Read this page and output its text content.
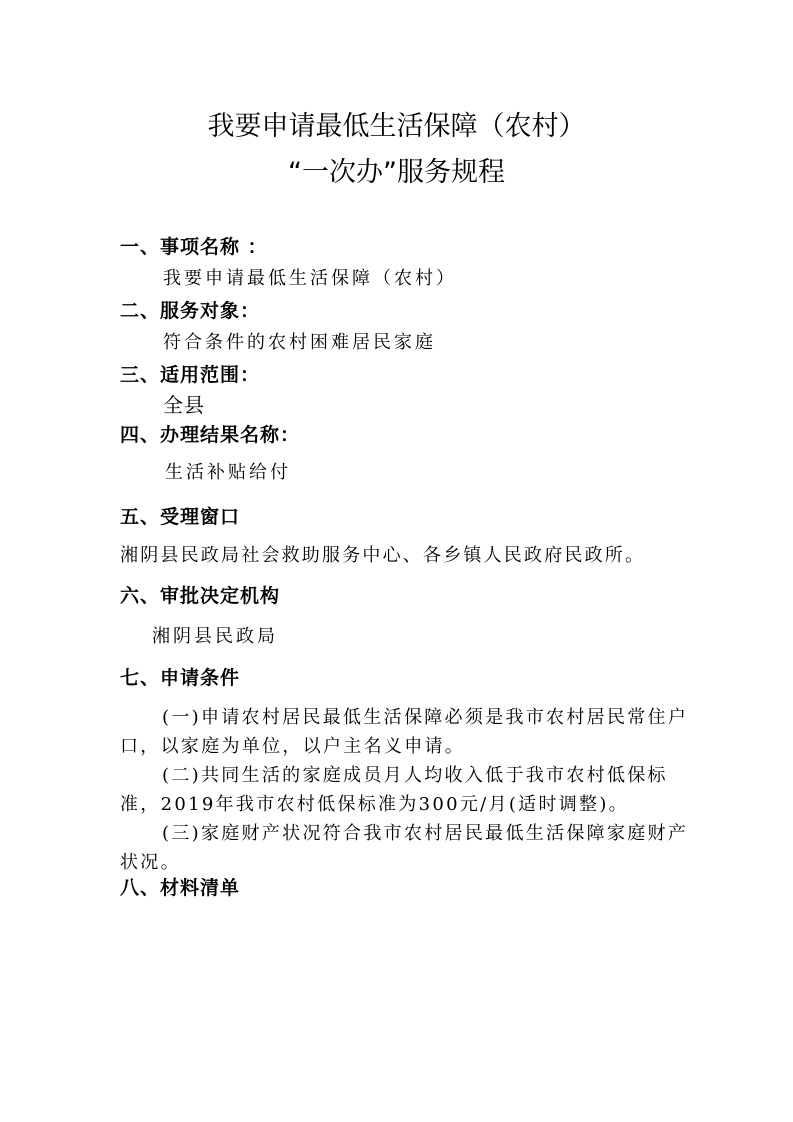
我要申请最低生活保障（农村）
“一次办”服务规程
一、事项名称 ：
我要申请最低生活保障（农村）
二、服务对象：
符合条件的农村困难居民家庭
三、适用范围：
全县
四、办理结果名称：
生活补贴给付
五、受理窗口
湘阴县民政局社会救助服务中心、各乡镇人民政府民政所。
六、审批决定机构
湘阴县民政局
七、申请条件

(一)申请农村居民最低生活保障必须是我市农村居民常住户口，以家庭为单位，以户主名义申请。

(二)共同生活的家庭成员月人均收入低于我市农村低保标准，2019年我市农村低保标准为300元/月(适时调整)。

(三)家庭财产状况符合我市农村居民最低生活保障家庭财产状况。

八、材料清单
